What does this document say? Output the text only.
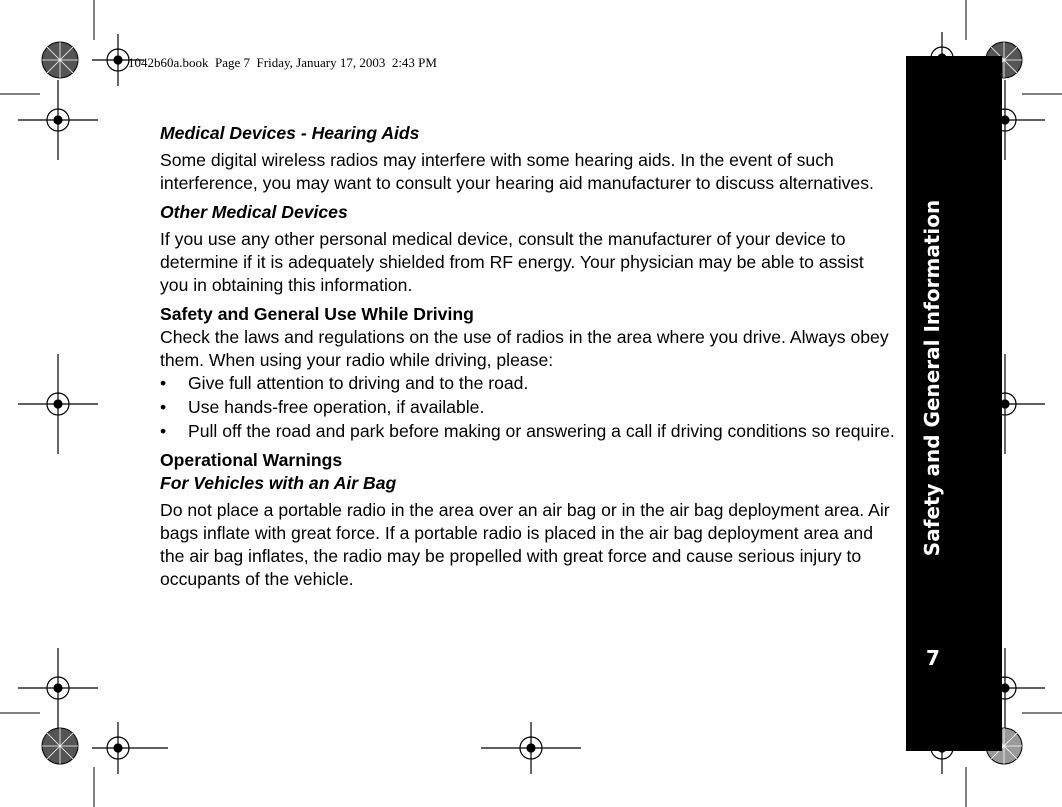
1042b60a.book  Page 7  Friday, January 17, 2003  2:43 PM
Safety and General Information
7
Medical Devices - Hearing Aids

Some digital wireless radios may interfere with some hearing aids. In the event of such interference, you may want to consult your hearing aid manufacturer to discuss alternatives.

Other Medical Devices

If you use any other personal medical device, consult the manufacturer of your device to determine if it is adequately shielded from RF energy. Your physician may be able to assist you in obtaining this information.

Safety and General Use While Driving

Check the laws and regulations on the use of radios in the area where you drive. Always obey them. When using your radio while driving, please:

• Give full attention to driving and to the road.
• Use hands-free operation, if available.
• Pull off the road and park before making or answering a call if driving conditions so require.
Operational Warnings
For Vehicles with an Air Bag

Do not place a portable radio in the area over an air bag or in the air bag deployment area. Air bags inflate with great force. If a portable radio is placed in the air bag deployment area and the air bag inflates, the radio may be propelled with great force and cause serious injury to occupants of the vehicle.
